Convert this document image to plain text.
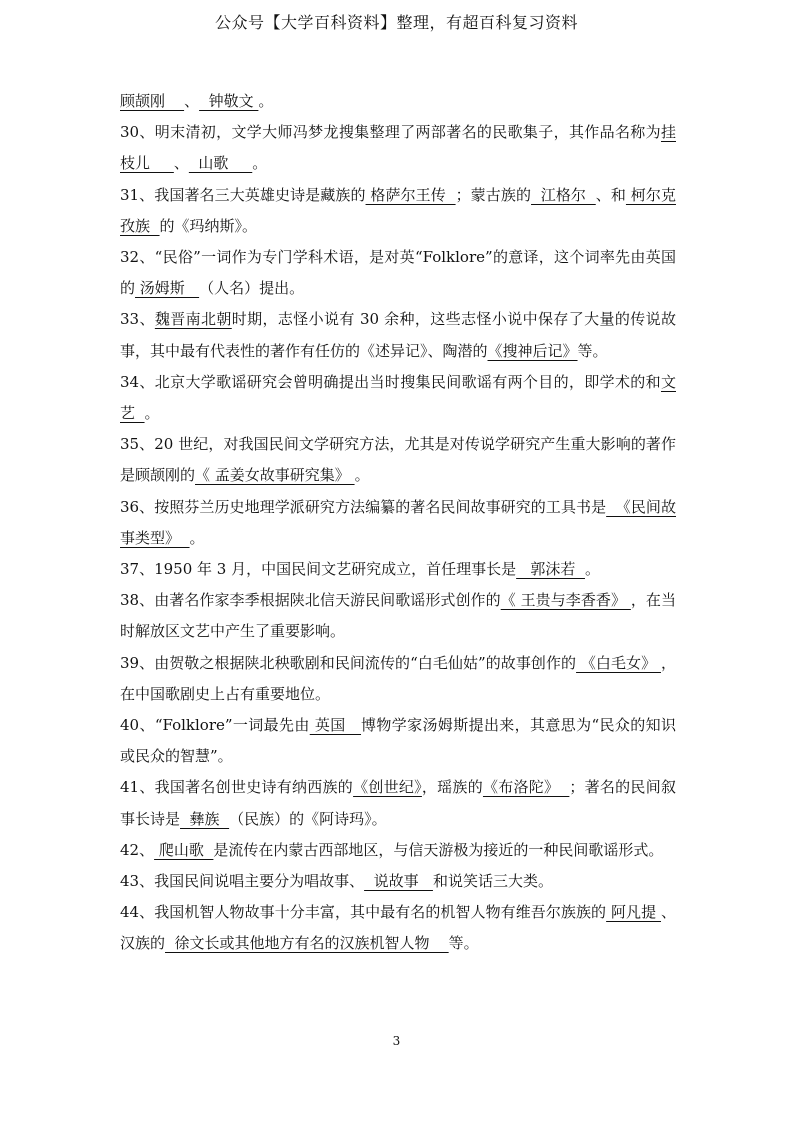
公众号【大学百科资料】整理，有超百科复习资料

顾颉刚    、  钟敬文 。

30、明末清初，文学大师冯梦龙搜集整理了两部著名的民歌集子，其作品名称为挂枝儿     、  山歌     。

31、我国著名三大英雄史诗是藏族的 格萨尔王传  ；蒙古族的  江格尔  、和 柯尔克孜族  的《玛纳斯》。

32、“民俗”一词作为专门学科术语，是对英“Folklore”的意译，这个词率先由英国的 汤姆斯   （人名）提出。

33、魏晋南北朝时期，志怪小说有 30 余种，这些志怪小说中保存了大量的传说故事，其中最有代表性的著作有任仿的《述异记》、陶潜的《搜神后记》等。

34、北京大学歌谣研究会曾明确提出当时搜集民间歌谣有两个目的，即学术的和文艺  。

35、20 世纪，对我国民间文学研究方法，尤其是对传说学研究产生重大影响的著作是顾颉刚的《 孟姜女故事研究集》 。

36、按照芬兰历史地理学派研究方法编纂的著名民间故事研究的工具书是  《民间故事类型》  。

37、1950 年 3 月，中国民间文艺研究成立，首任理事长是   郭沫若  。

38、由著名作家李季根据陕北信天游民间歌谣形式创作的《 王贵与李香香》 ，在当时解放区文艺中产生了重要影响。

39、由贺敬之根据陕北秧歌剧和民间流传的“白毛仙姑”的故事创作的 《白毛女》 ，在中国歌剧史上占有重要地位。

40、“Folklore”一词最先由 英国   博物学家汤姆斯提出来，其意思为“民众的知识或民众的智慧”。

41、我国著名创世史诗有纳西族的《创世纪》，瑶族的《布洛陀》  ；著名的民间叙事长诗是  彝族  （民族）的《阿诗玛》。

42、 爬山歌  是流传在内蒙古西部地区，与信天游极为接近的一种民间歌谣形式。

43、我国民间说唱主要分为唱故事、  说故事   和说笑话三大类。

44、我国机智人物故事十分丰富，其中最有名的机智人物有维吾尔族族的 阿凡提 、汉族的  徐文长或其他地方有名的汉族机智人物    等。

3
